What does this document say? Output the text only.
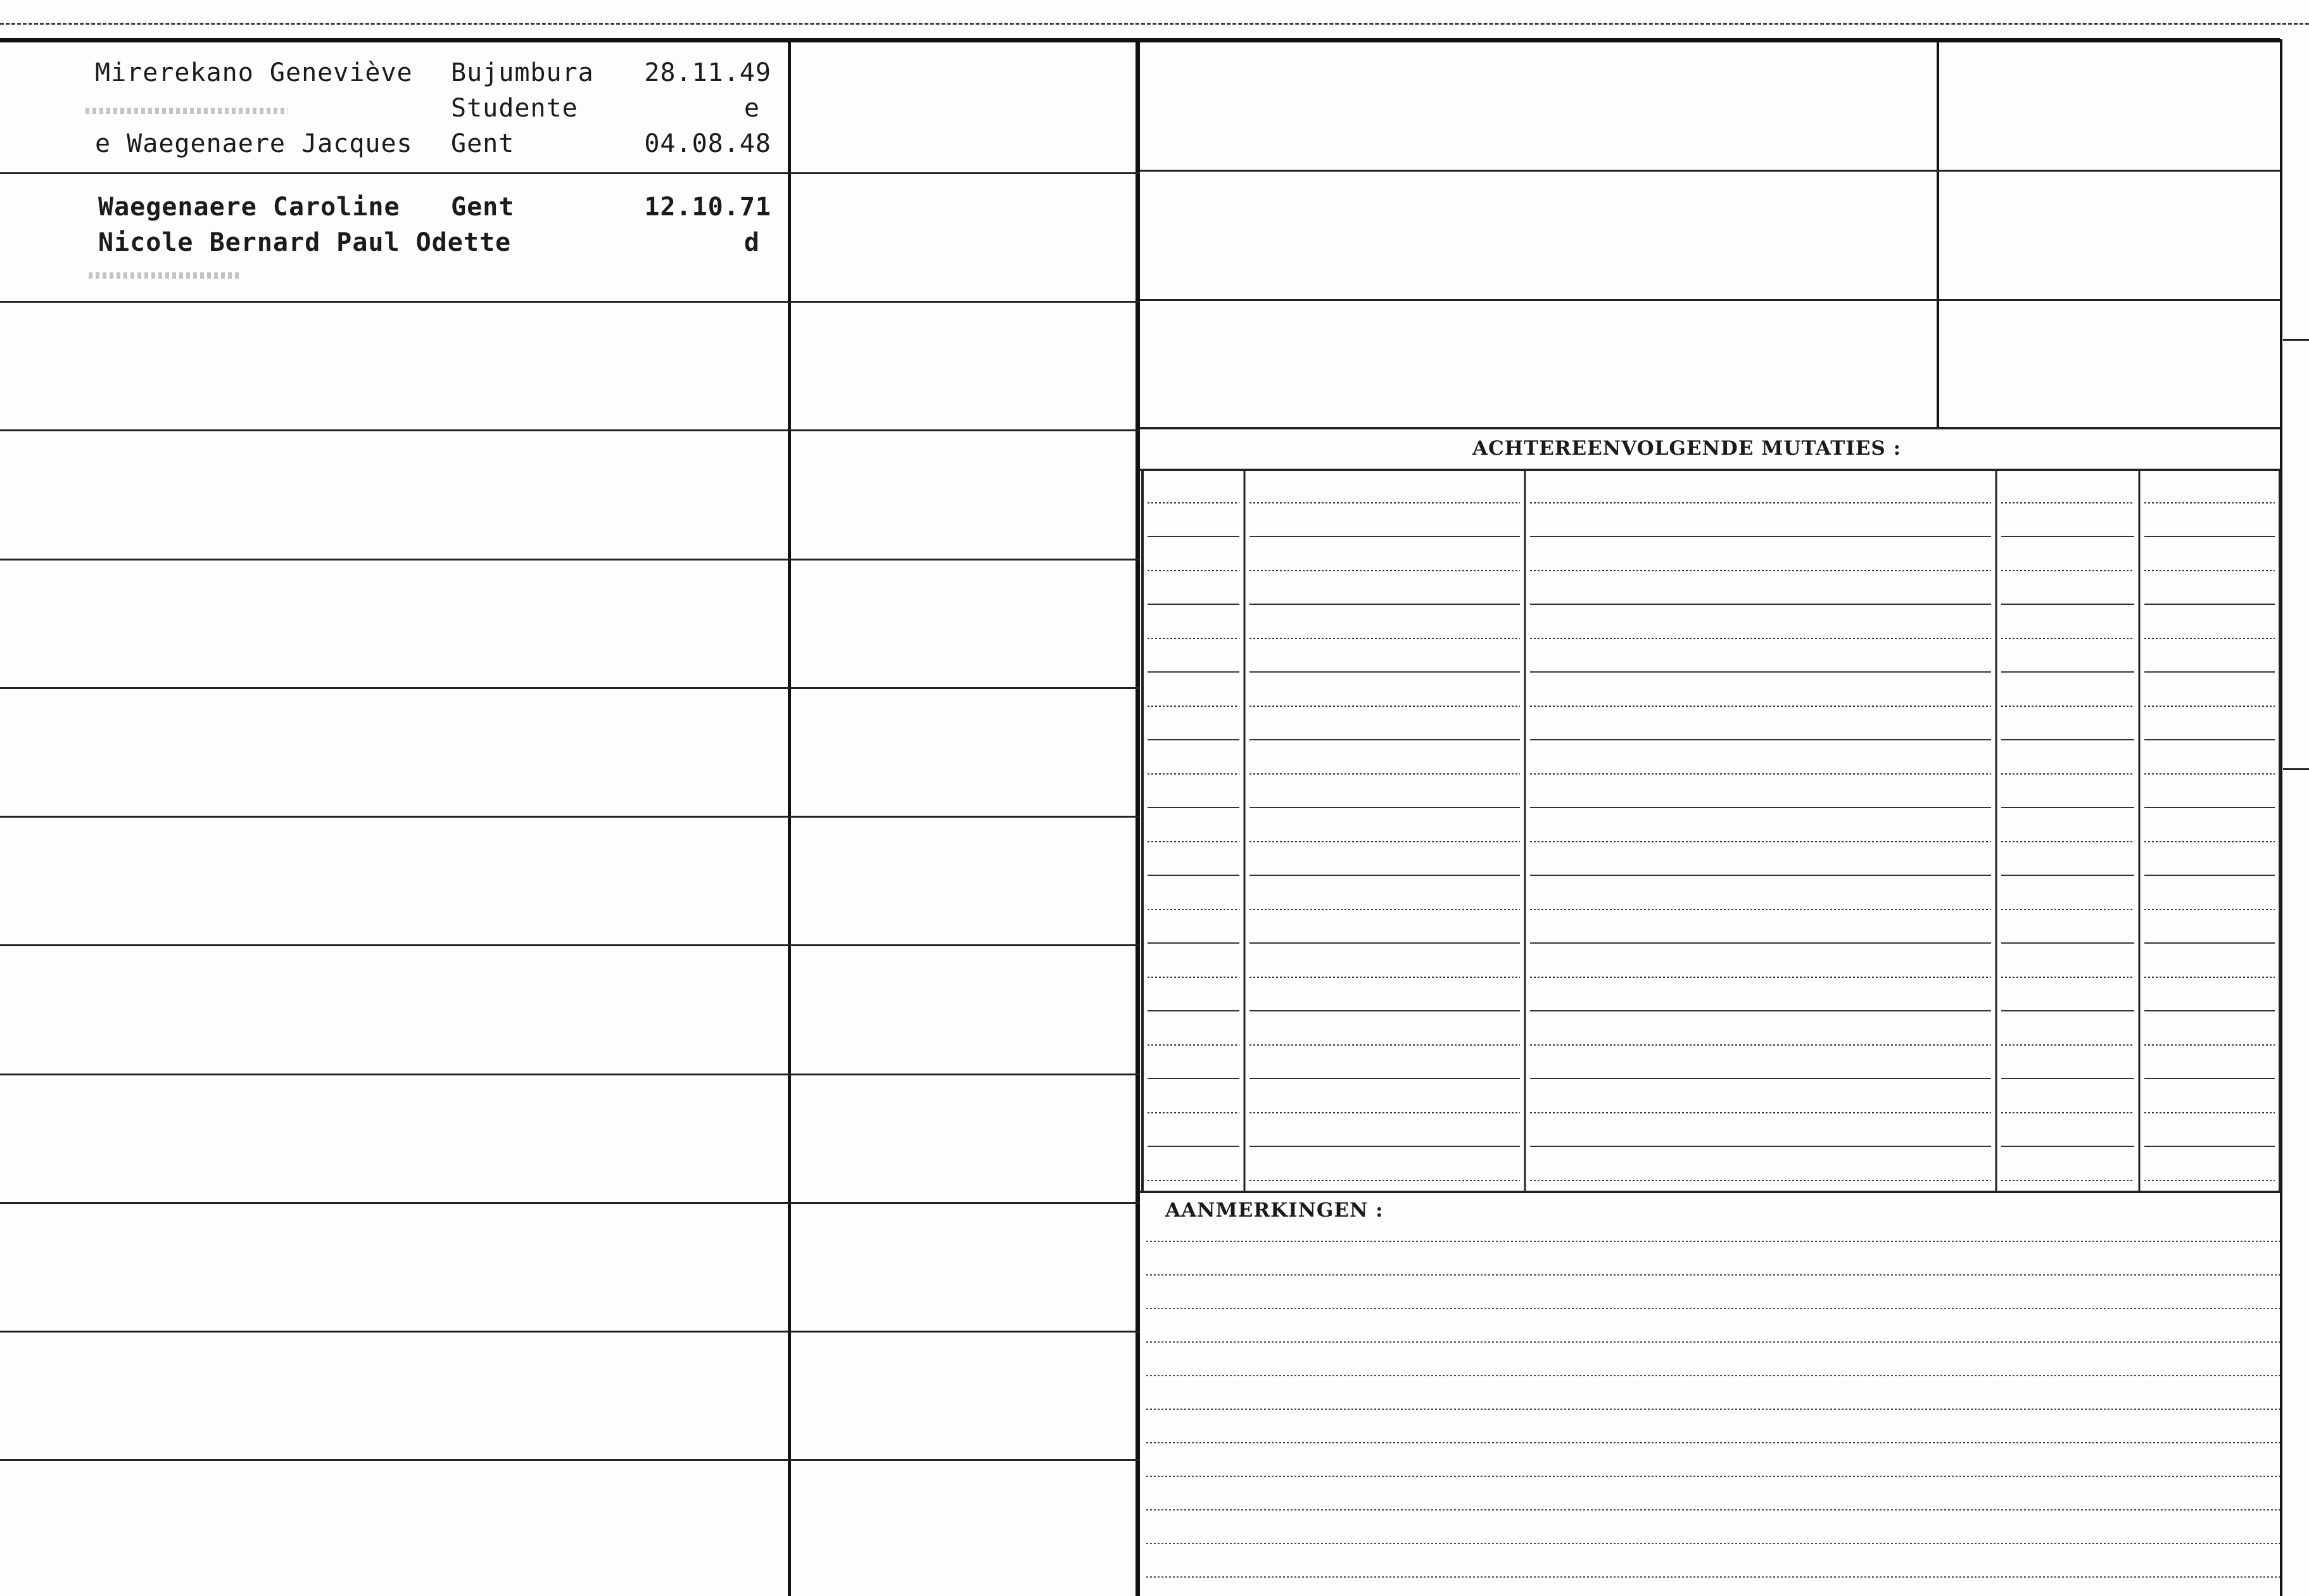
Mirerekano Geneviève
e Waegenaere Jacques
Bujumbura
Studente
Gent
28.11.49
e
04.08.48
Waegenaere Caroline
Nicole Bernard Paul Odette
Gent	12.10.71
d
ACHTEREENVOLGENDE MUTATIES :
AANMERKINGEN :
